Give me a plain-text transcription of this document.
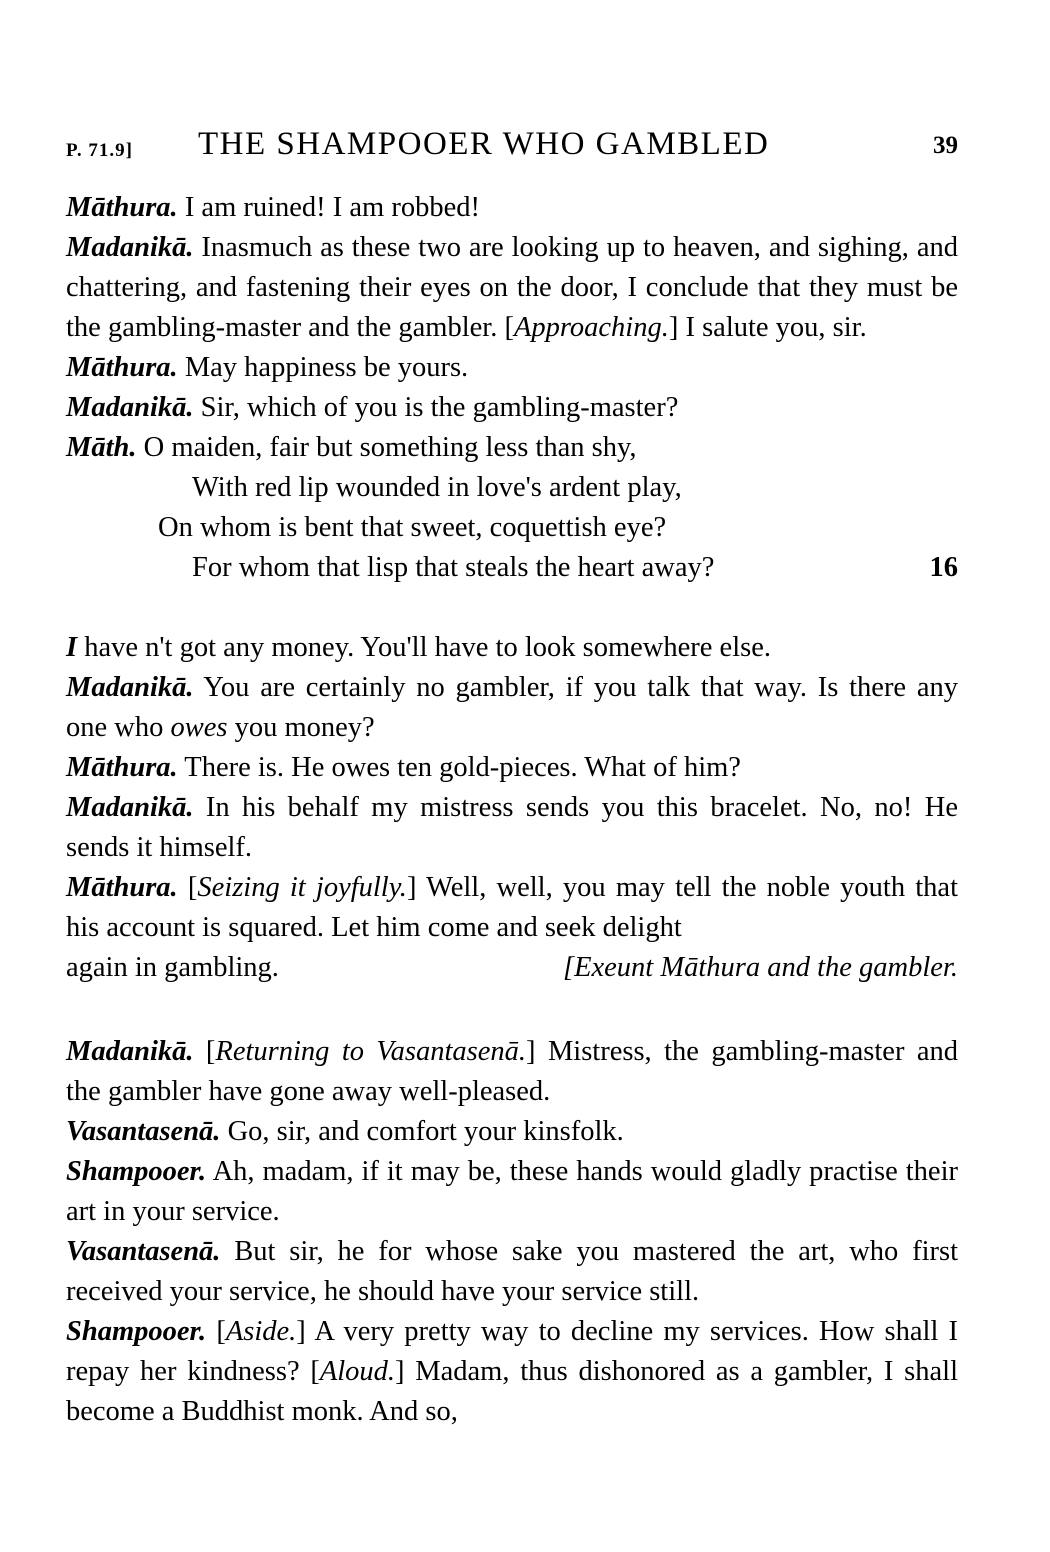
P. 71.9] THE SHAMPOOER WHO GAMBLED	39

Māthura. I am ruined! I am robbed!

Madanikā. Inasmuch as these two are looking up to heaven, and sighing, and chattering, and fastening their eyes on the door, I conclude that they must be the gambling-master and the gambler. [Approaching.] I salute you, sir.

Māthura. May happiness be yours.

Madanikā. Sir, which of you is the gambling-master?

Māth. O maiden, fair but something less than shy,

With red lip wounded in love's ardent play,
On whom is bent that sweet, coquettish eye?
For whom that lisp that steals the heart away?	16

I have n't got any money. You'll have to look somewhere else.

Madanikā. You are certainly no gambler, if you talk that way. Is there any one who owes you money?

Māthura. There is. He owes ten gold-pieces. What of him?

Madanikā. In his behalf my mistress sends you this bracelet. No, no! He sends it himself.

Māthura. [Seizing it joyfully.] Well, well, you may tell the noble youth that his account is squared. Let him come and seek delight

again in gambling.	[Exeunt Māthura and the gambler.

Madanikā. [Returning to Vasantasenā.] Mistress, the gambling-master and the gambler have gone away well-pleased.

Vasantasenā. Go, sir, and comfort your kinsfolk.

Shampooer. Ah, madam, if it may be, these hands would gladly practise their art in your service.

Vasantasenā. But sir, he for whose sake you mastered the art, who first received your service, he should have your service still.

Shampooer. [Aside.] A very pretty way to decline my services. How shall I repay her kindness? [Aloud.] Madam, thus dishonored as a gambler, I shall become a Buddhist monk. And so,
